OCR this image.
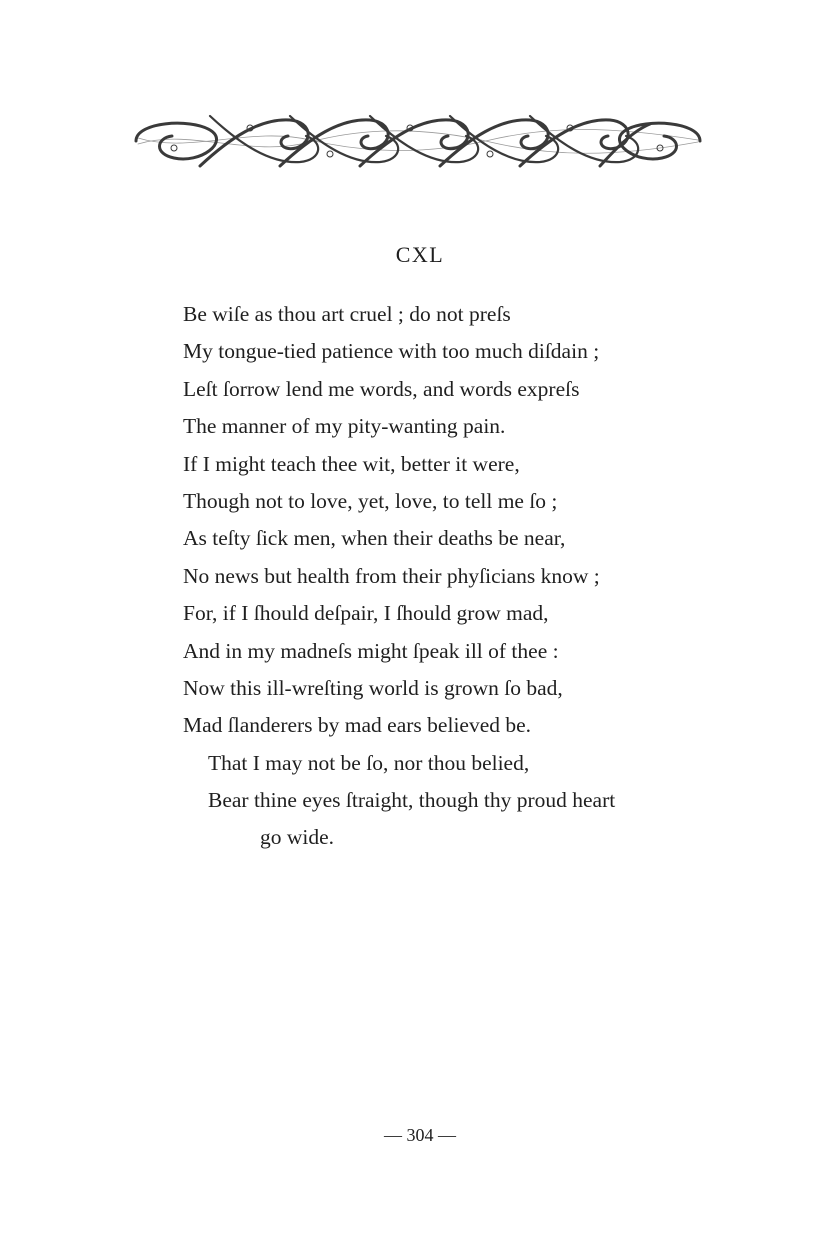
CXL
Be wiſe as thou art cruel ; do not preſs
My tongue-tied patience with too much diſdain ;
Leſt ſorrow lend me words, and words expreſs
The manner of my pity-wanting pain.
If I might teach thee wit, better it were,
Though not to love, yet, love, to tell me ſo ;
As teſty ſick men, when their deaths be near,
No news but health from their phyſicians know ;
For, if I ſhould deſpair, I ſhould grow mad,
And in my madneſs might ſpeak ill of thee :
Now this ill-wreſting world is grown ſo bad,
Mad ſlanderers by mad ears believed be.
That I may not be ſo, nor thou belied,
Bear thine eyes ſtraight, though thy proud heart
go wide.
— 304 —
